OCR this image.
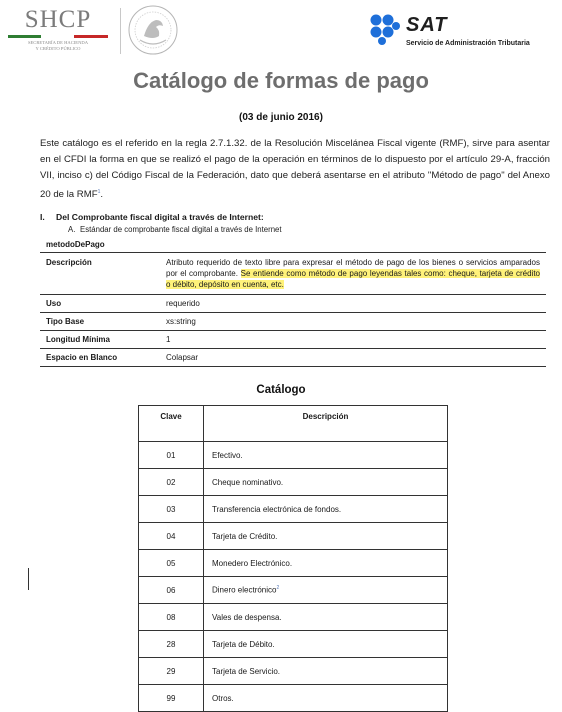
SHCP
SECRETARÍA DE HACIENDA
Y CRÉDITO PÚBLICO
SAT
Servicio de Administración Tributaria
Catálogo de formas de pago
(03 de junio 2016)
Este catálogo es el referido en la regla 2.7.1.32. de la Resolución Miscelánea Fiscal vigente (RMF), sirve para asentar en el CFDI la forma en que se realizó el pago de la operación en términos de lo dispuesto por el artículo 29-A, fracción VII, inciso c) del Código Fiscal de la Federación, dato que deberá asentarse en el atributo "Método de pago" del Anexo 20 de la RMF$^1$.
I. Del Comprobante fiscal digital a través de Internet:
A. Estándar de comprobante fiscal digital a través de Internet
metodoDePago	
Descripción	Atributo requerido de texto libre para expresar el método de pago de los bienes o servicios amparados por el comprobante. Se entiende como método de pago leyendas tales como: cheque, tarjeta de crédito o débito, depósito en cuenta, etc.
Uso	requerido
Tipo Base	xs:string
Longitud Mínima	1
Espacio en Blanco	Colapsar
Catálogo
Clave	Descripción
01	Efectivo.
02	Cheque nominativo.
03	Transferencia electrónica de fondos.
04	Tarjeta de Crédito.
05	Monedero Electrónico.
06	Dinero electrónico$^2$
08	Vales de despensa.
28	Tarjeta de Débito.
29	Tarjeta de Servicio.
99	Otros.
